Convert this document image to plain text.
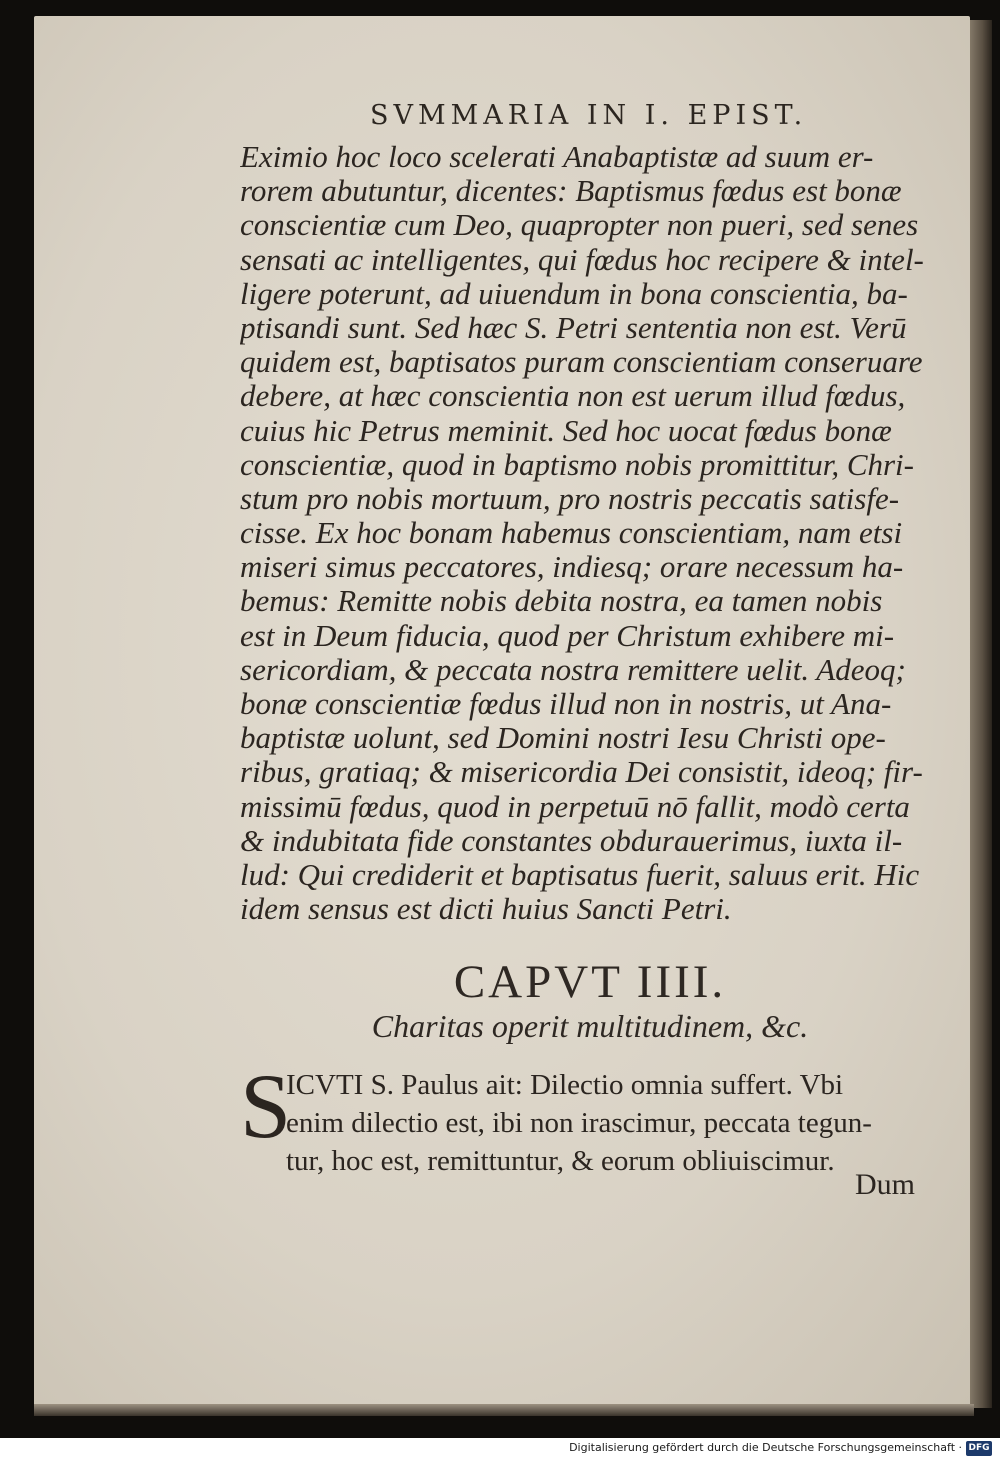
SVMMARIA IN I. EPIST.
Eximio hoc loco scelerati Anabaptistæ ad suum er-
rorem abutuntur, dicentes: Baptismus fœdus est bonæ
conscientiæ cum Deo, quapropter non pueri, sed senes
sensati ac intelligentes, qui fœdus hoc recipere & intel-
ligere poterunt, ad uiuendum in bona conscientia, ba-
ptisandi sunt. Sed hæc S. Petri sententia non est. Verū
quidem est, baptisatos puram conscientiam conseruare
debere, at hæc conscientia non est uerum illud fœdus,
cuius hic Petrus meminit. Sed hoc uocat fœdus bonæ
conscientiæ, quod in baptismo nobis promittitur, Chri-
stum pro nobis mortuum, pro nostris peccatis satisfe-
cisse. Ex hoc bonam habemus conscientiam, nam etsi
miseri simus peccatores, indiesq; orare necessum ha-
bemus: Remitte nobis debita nostra, ea tamen nobis
est in Deum fiducia, quod per Christum exhibere mi-
sericordiam, & peccata nostra remittere uelit. Adeoq;
bonæ conscientiæ fœdus illud non in nostris, ut Ana-
baptistæ uolunt, sed Domini nostri Iesu Christi ope-
ribus, gratiaq; & misericordia Dei consistit, ideoq; fir-
missimū fœdus, quod in perpetuū nō fallit, modò certa
& indubitata fide constantes obdurauerimus, iuxta il-
lud: Qui crediderit et baptisatus fuerit, saluus erit. Hic
idem sensus est dicti huius Sancti Petri.
CAPVT IIII.
Charitas operit multitudinem, &c.
S
ICVTI S. Paulus ait: Dilectio omnia suffert. Vbi
enim dilectio est, ibi non irascimur, peccata tegun-
tur, hoc est, remittuntur, & eorum obliuiscimur.
Dum
Digitalisierung gefördert durch die Deutsche Forschungsgemeinschaft · DFG
